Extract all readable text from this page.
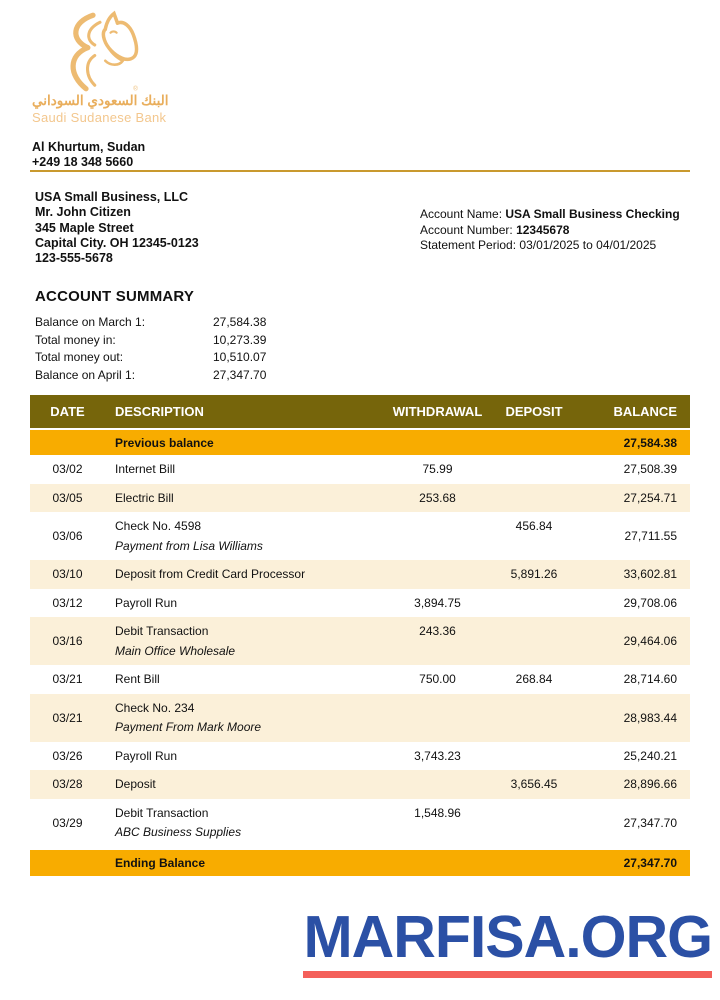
®
البنك السعودي السوداني
Saudi Sudanese Bank
Al Khurtum, Sudan
+249 18 348 5660
USA Small Business, LLC
Mr. John Citizen
345 Maple Street
Capital City. OH 12345-0123
123-555-5678
Account Name: USA Small Business Checking
Account Number: 12345678
Statement Period: 03/01/2025 to 04/01/2025
ACCOUNT SUMMARY
Balance on March 1:	27,584.38
Total money in:	10,273.39
Total money out:	10,510.07
Balance on April 1:	27,347.70
DATE	DESCRIPTION	WITHDRAWAL	DEPOSIT	BALANCE
	Previous balance			27,584.38
03/02	Internet Bill	75.99		27,508.39
03/05	Electric Bill	253.68		27,254.71
03/06	Check No. 4598
Payment from Lisa Williams		456.84	27,711.55
03/10	Deposit from Credit Card Processor		5,891.26	33,602.81
03/12	Payroll Run	3,894.75		29,708.06
03/16	Debit Transaction
Main Office Wholesale	243.36		29,464.06
03/21	Rent Bill	750.00	268.84	28,714.60
03/21	Check No. 234
Payment From Mark Moore			28,983.44
03/26	Payroll Run	3,743.23		25,240.21
03/28	Deposit		3,656.45	28,896.66
03/29	Debit Transaction
ABC Business Supplies	1,548.96		27,347.70
	Ending Balance			27,347.70
MARFISA.ORG
